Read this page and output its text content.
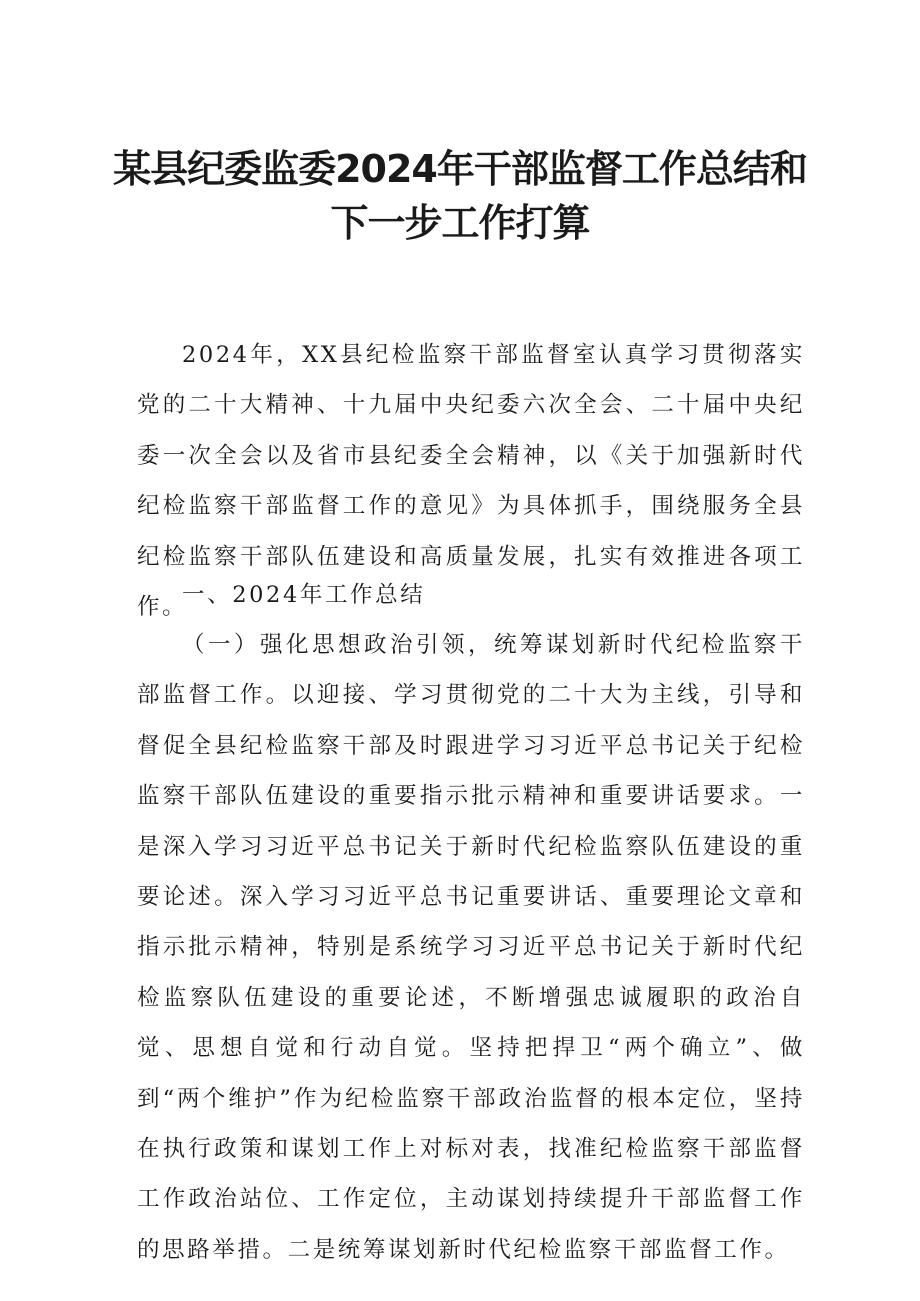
某县纪委监委2024年干部监督工作总结和
下一步工作打算

2024年，XX县纪检监察干部监督室认真学习贯彻落实党的二十大精神、十九届中央纪委六次全会、二十届中央纪委一次全会以及省市县纪委全会精神，以《关于加强新时代纪检监察干部监督工作的意见》为具体抓手，围绕服务全县纪检监察干部队伍建设和高质量发展，扎实有效推进各项工作。

一、2024年工作总结

（一）强化思想政治引领，统筹谋划新时代纪检监察干部监督工作。以迎接、学习贯彻党的二十大为主线，引导和督促全县纪检监察干部及时跟进学习习近平总书记关于纪检监察干部队伍建设的重要指示批示精神和重要讲话要求。一是深入学习习近平总书记关于新时代纪检监察队伍建设的重要论述。深入学习习近平总书记重要讲话、重要理论文章和指示批示精神，特别是系统学习习近平总书记关于新时代纪检监察队伍建设的重要论述，不断增强忠诚履职的政治自觉、思想自觉和行动自觉。坚持把捍卫“两个确立”、做到“两个维护”作为纪检监察干部政治监督的根本定位，坚持在执行政策和谋划工作上对标对表，找准纪检监察干部监督工作政治站位、工作定位，主动谋划持续提升干部监督工作的思路举措。二是统筹谋划新时代纪检监察干部监督工作。
